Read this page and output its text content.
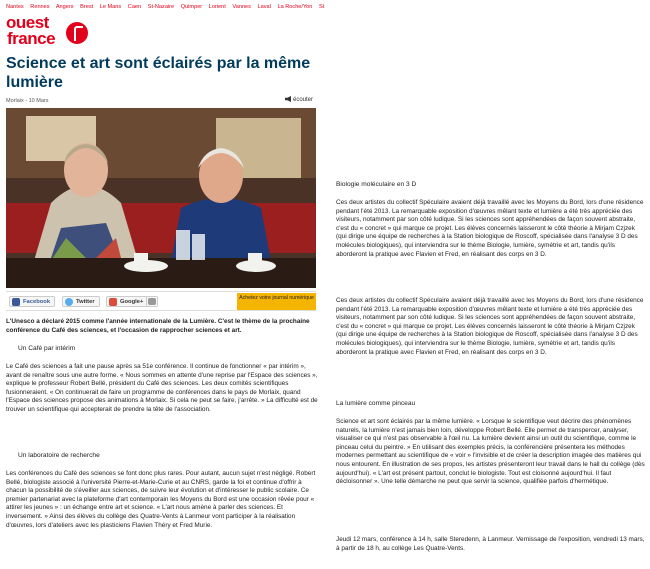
Nantes Rennes Angers Brest Le Mans Caen St-Nazaire Quimper Lorient Vannes Laval La Roche/Yon St
ouest
france
Science et art sont éclairés par la même lumière
Morlaix - 10 Mars	écouter
Facebook	Twitter	Google+
Achetez votre journal numérique
L'Unesco a déclaré 2015 comme l'année internationale de la Lumière. C'est le thème de la prochaine conférence du Café des sciences, et l'occasion de rapprocher sciences et art.
Un Café par intérim
Le Café des sciences a fait une pause après sa 51e conférence. Il continue de fonctionner « par intérim », avant de renaître sous une autre forme. « Nous sommes en attente d'une reprise par l'Espace des sciences », explique le professeur Robert Bellé, président du Café des sciences. Les deux comités scientifiques fusionneraient. « On continuerait de faire un programme de conférences dans le pays de Morlaix, quand l'Espace des sciences propose des animations à Morlaix. Si cela ne peut se faire, j'arrête. » La difficulté est de trouver un scientifique qui accepterait de prendre la tête de l'association.
Un laboratoire de recherche
Les conférences du Café des sciences se font donc plus rares. Pour autant, aucun sujet n'est négligé. Robert Bellé, biologiste associé à l'université Pierre-et-Marie-Curie et au CNRS, garde la foi et continue d'offrir à chacun la possibilité de s'éveiller aux sciences, de suivre leur évolution et d'intéresser le public scolaire. Ce premier partenariat avec la plateforme d'art contemporain les Moyens du Bord est une occasion rêvée pour « attirer les jeunes » : un échange entre art et science. « L'art nous amène à parler des sciences. Et inversement. » Ainsi des élèves du collège des Quatre-Vents à Lanmeur vont participer à la réalisation d'œuvres, lors d'ateliers avec les plasticiens Flavien Théry et Fred Murie.
Biologie moléculaire en 3 D
Ces deux artistes du collectif Spéculaire avaient déjà travaillé avec les Moyens du Bord, lors d'une résidence pendant l'été 2013. La remarquable exposition d'œuvres mêlant texte et lumière a été très appréciée des visiteurs, notamment par son côté ludique. Si les sciences sont appréhendées de façon souvent abstraite, c'est du « concret » qui marque ce projet. Les élèves concernés laisseront le côté théorie à Mirjam Czjzek (qui dirige une équipe de recherches à la Station biologique de Roscoff, spécialisée dans l'analyse 3 D des molécules biologiques), qui interviendra sur le thème Biologie, lumière, symétrie et art, tandis qu'ils aborderont la pratique avec Flavien et Fred, en réalisant des corps en 3 D.
Ces deux artistes du collectif Spéculaire avaient déjà travaillé avec les Moyens du Bord, lors d'une résidence pendant l'été 2013. La remarquable exposition d'œuvres mêlant texte et lumière a été très appréciée des visiteurs, notamment par son côté ludique. Si les sciences sont appréhendées de façon souvent abstraite, c'est du « concret » qui marque ce projet. Les élèves concernés laisseront le côté théorie à Mirjam Czjzek (qui dirige une équipe de recherches à la Station biologique de Roscoff, spécialisée dans l'analyse 3 D des molécules biologiques), qui interviendra sur le thème Biologie, lumière, symétrie et art, tandis qu'ils aborderont la pratique avec Flavien et Fred, en réalisant des corps en 3 D.
La lumière comme pinceau
Science et art sont éclairés par la même lumière. « Lorsque le scientifique veut décrire des phénomènes naturels, la lumière n'est jamais bien loin, développe Robert Bellé. Elle permet de transpercer, analyser, visualiser ce qui n'est pas observable à l'œil nu. La lumière devient ainsi un outil du scientifique, comme le pinceau celui du peintre. » En utilisant des exemples précis, la conférencière présentera les méthodes modernes permettant au scientifique de « voir » l'invisible et de créer la description imagée des matières qui nous entourent. En illustration de ses propos, les artistes présenteront leur travail dans le hall du collège (dès aujourd'hui). « L'art est présent partout, conclut le biologiste. Tout est cloisonné aujourd'hui. Il faut décloisonner ». Une telle démarche ne peut que servir la science, qualifiée parfois d'hermétique.
Jeudi 12 mars, conférence à 14 h, salle Steredenn, à Lanmeur. Vernissage de l'exposition, vendredi 13 mars, à partir de 18 h, au collège Les Quatre-Vents.
